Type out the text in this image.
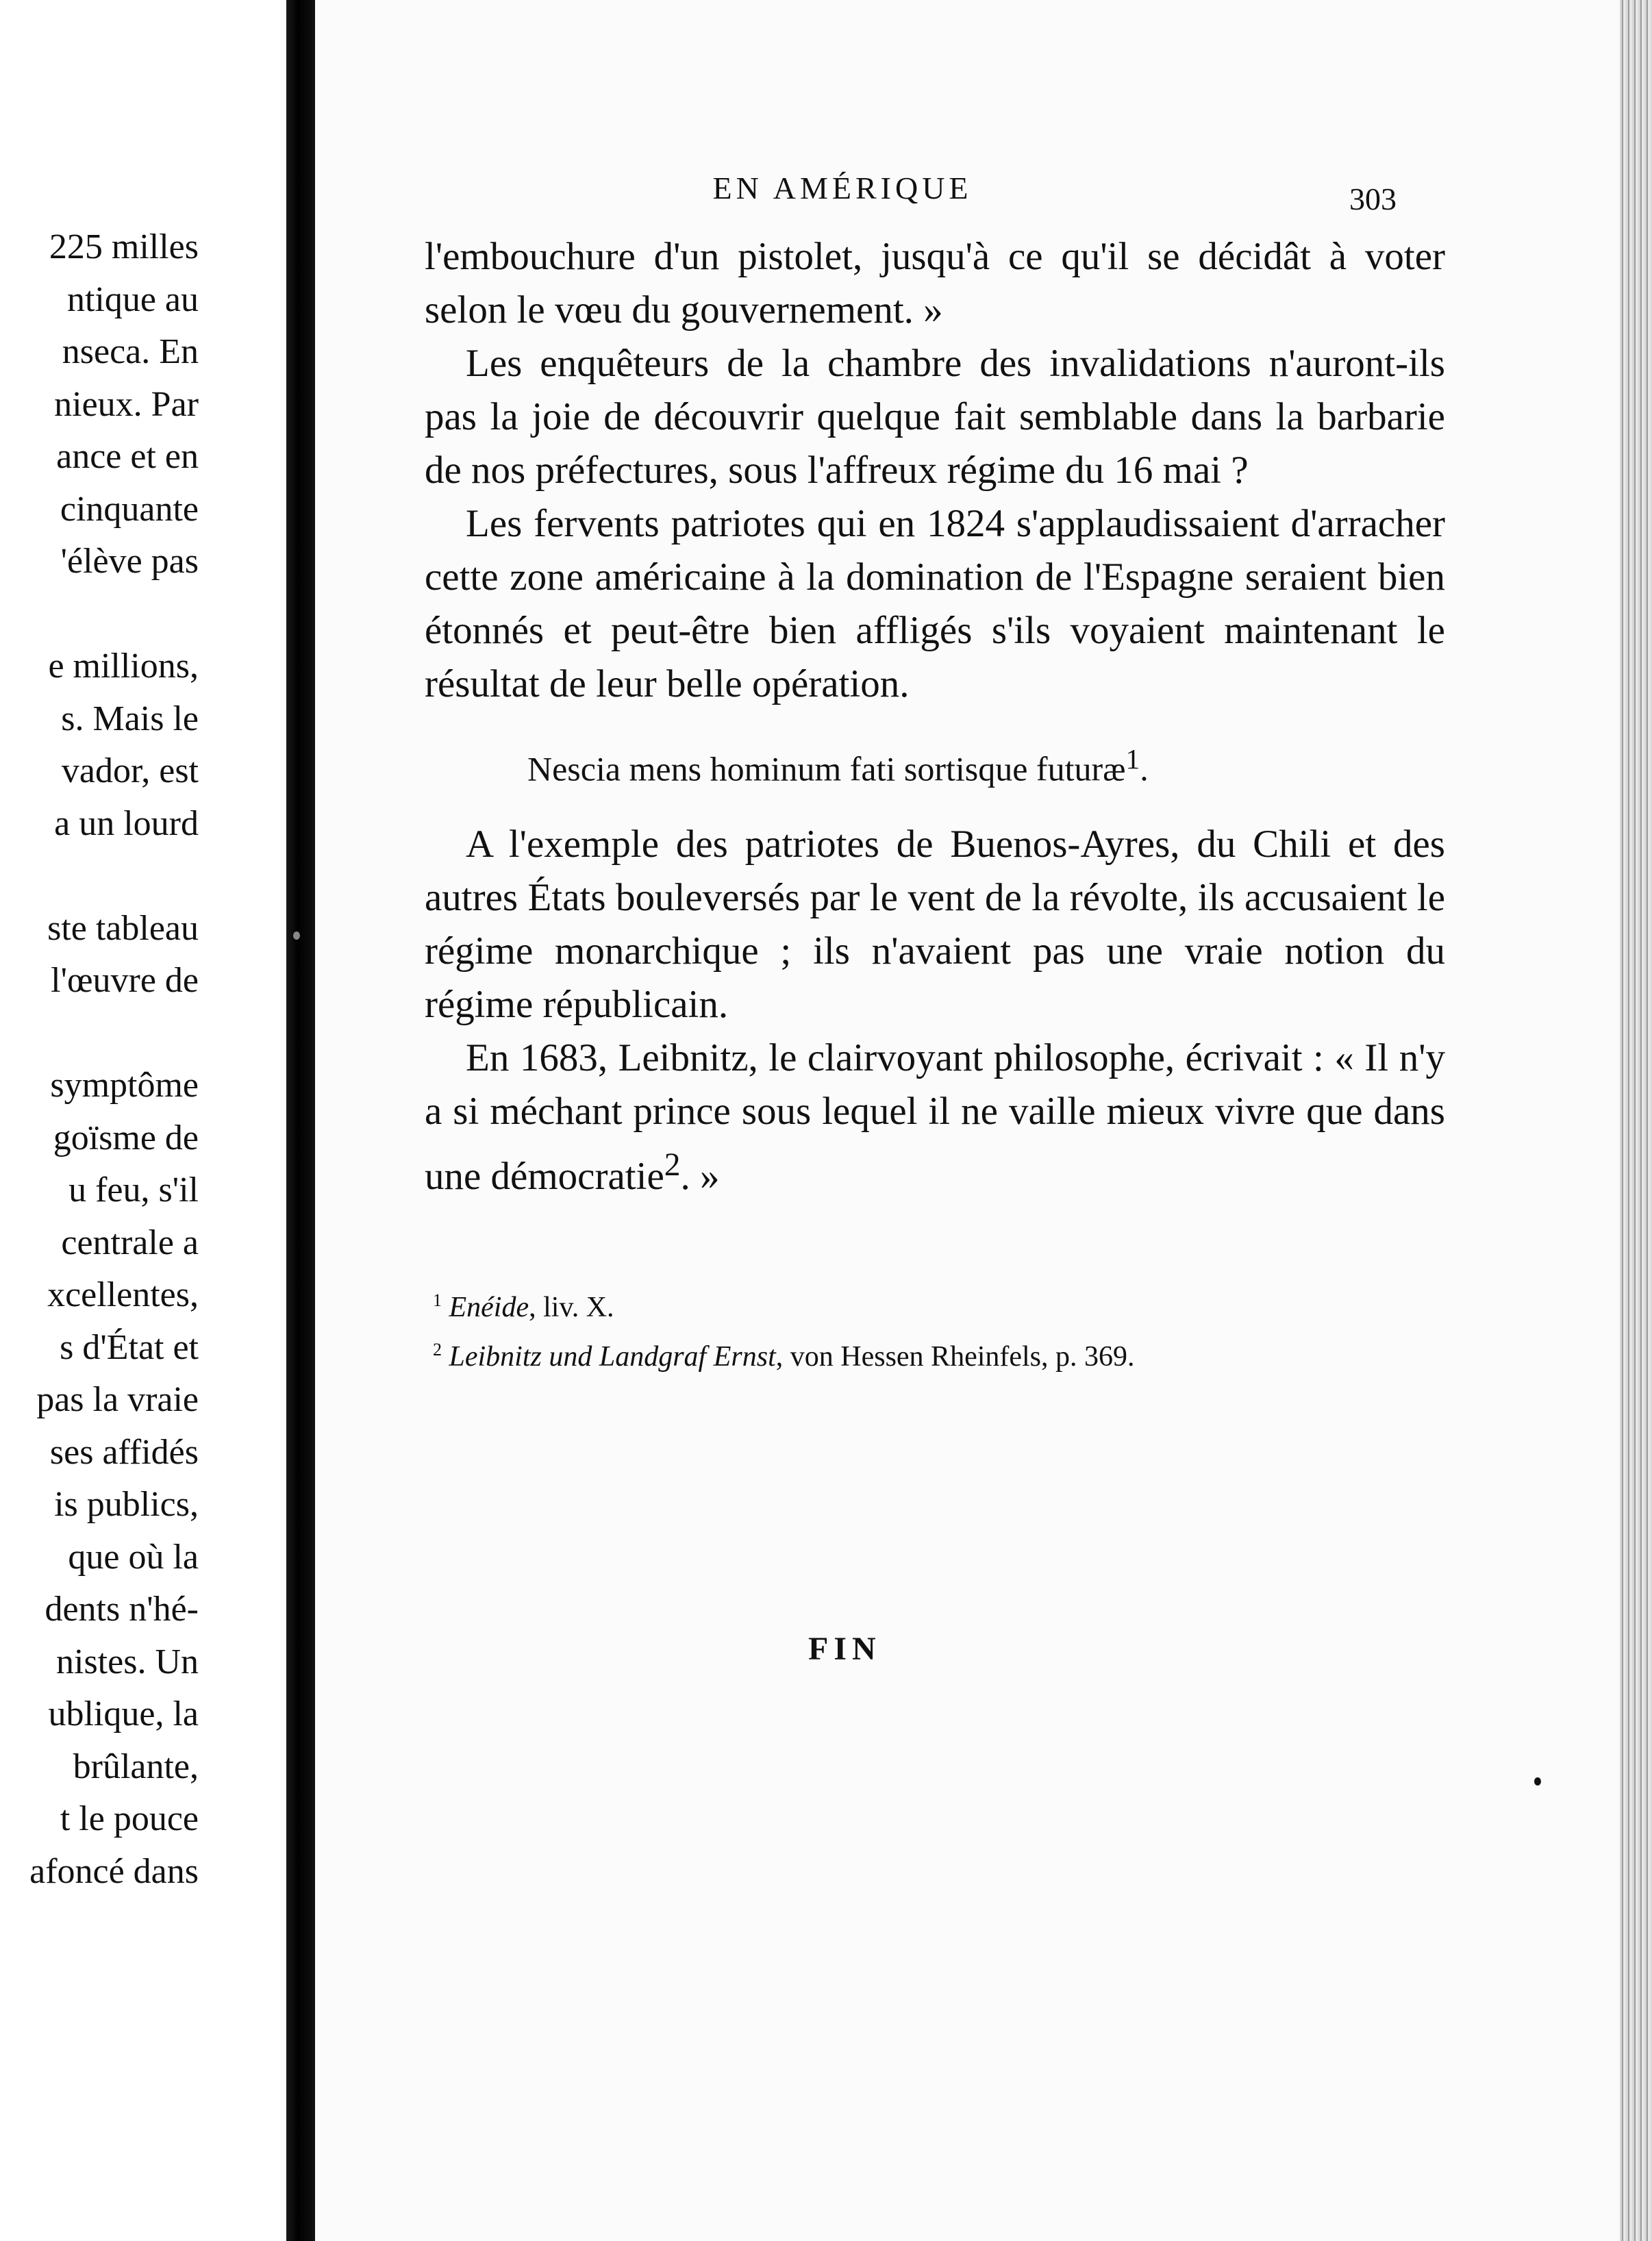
225 milles
ntique au
nseca. En
nieux. Par
ance et en
cinquante
'élève pas
e millions,
s. Mais le
vador, est
a un lourd
ste tableau
l'œuvre de
symptôme
goïsme de
u feu, s'il
centrale a
xcellentes,
s d'État et
pas la vraie
ses affidés
is publics,
que où la
dents n'hé-
nistes. Un
ublique, la
brûlante,
t le pouce
afoncé dans
EN AMÉRIQUE	303

l'embouchure d'un pistolet, jusqu'à ce qu'il se décidât à voter selon le vœu du gouvernement. »

Les enquêteurs de la chambre des invalidations n'auront-ils pas la joie de découvrir quelque fait semblable dans la barbarie de nos préfectures, sous l'affreux régime du 16 mai ?

Les fervents patriotes qui en 1824 s'applaudissaient d'arracher cette zone américaine à la domination de l'Espagne seraient bien étonnés et peut-être bien affligés s'ils voyaient maintenant le résultat de leur belle opération.

Nescia mens hominum fati sortisque futuræ$^1$.

A l'exemple des patriotes de Buenos-Ayres, du Chili et des autres États bouleversés par le vent de la révolte, ils accusaient le régime monarchique ; ils n'avaient pas une vraie notion du régime républicain.

En 1683, Leibnitz, le clairvoyant philosophe, écrivait : « Il n'y a si méchant prince sous lequel il ne vaille mieux vivre que dans une démocratie$^2$. »

$^1$ Enéide, liv. X.

$^2$ Leibnitz und Landgraf Ernst, von Hessen Rheinfels, p. 369.

FIN
